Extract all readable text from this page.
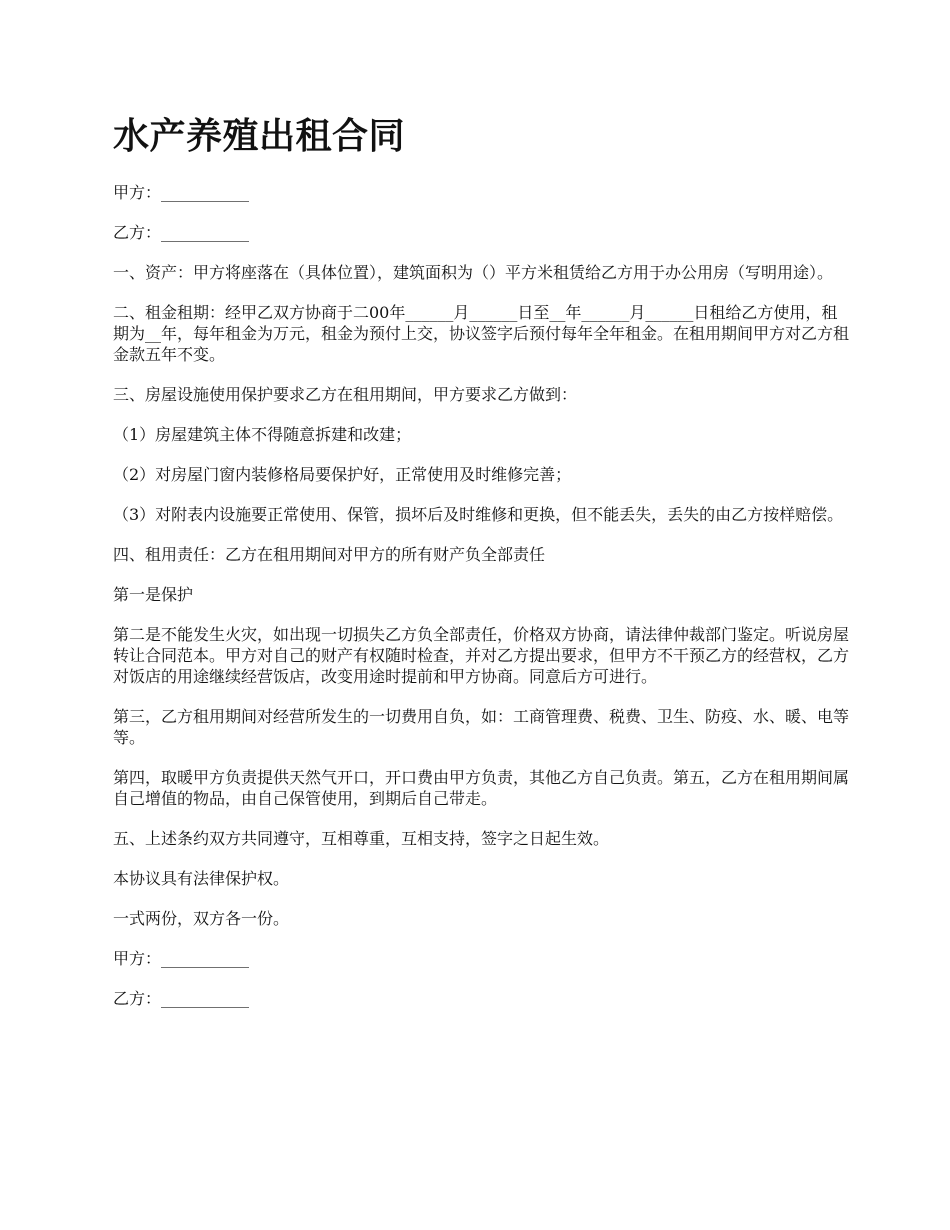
水产养殖出租合同

甲方：___________

乙方：___________

一、资产：甲方将座落在（具体位置），建筑面积为（）平方米租赁给乙方用于办公用房（写明用途）。

二、租金租期：经甲乙双方协商于二00年______月______日至__年______月______日租给乙方使用，租期为__年，每年租金为万元，租金为预付上交，协议签字后预付每年全年租金。在租用期间甲方对乙方租金款五年不变。

三、房屋设施使用保护要求乙方在租用期间，甲方要求乙方做到：

（1）房屋建筑主体不得随意拆建和改建；

（2）对房屋门窗内装修格局要保护好，正常使用及时维修完善；

（3）对附表内设施要正常使用、保管，损坏后及时维修和更换，但不能丢失，丢失的由乙方按样赔偿。

四、租用责任：乙方在租用期间对甲方的所有财产负全部责任

第一是保护

第二是不能发生火灾，如出现一切损失乙方负全部责任，价格双方协商，请法律仲裁部门鉴定。听说房屋转让合同范本。甲方对自己的财产有权随时检查，并对乙方提出要求，但甲方不干预乙方的经营权，乙方对饭店的用途继续经营饭店，改变用途时提前和甲方协商。同意后方可进行。

第三，乙方租用期间对经营所发生的一切费用自负，如：工商管理费、税费、卫生、防疫、水、暖、电等等。

第四，取暖甲方负责提供天然气开口，开口费由甲方负责，其他乙方自己负责。第五，乙方在租用期间属自己增值的物品，由自己保管使用，到期后自己带走。

五、上述条约双方共同遵守，互相尊重，互相支持，签字之日起生效。

本协议具有法律保护权。

一式两份，双方各一份。

甲方：___________

乙方：___________
